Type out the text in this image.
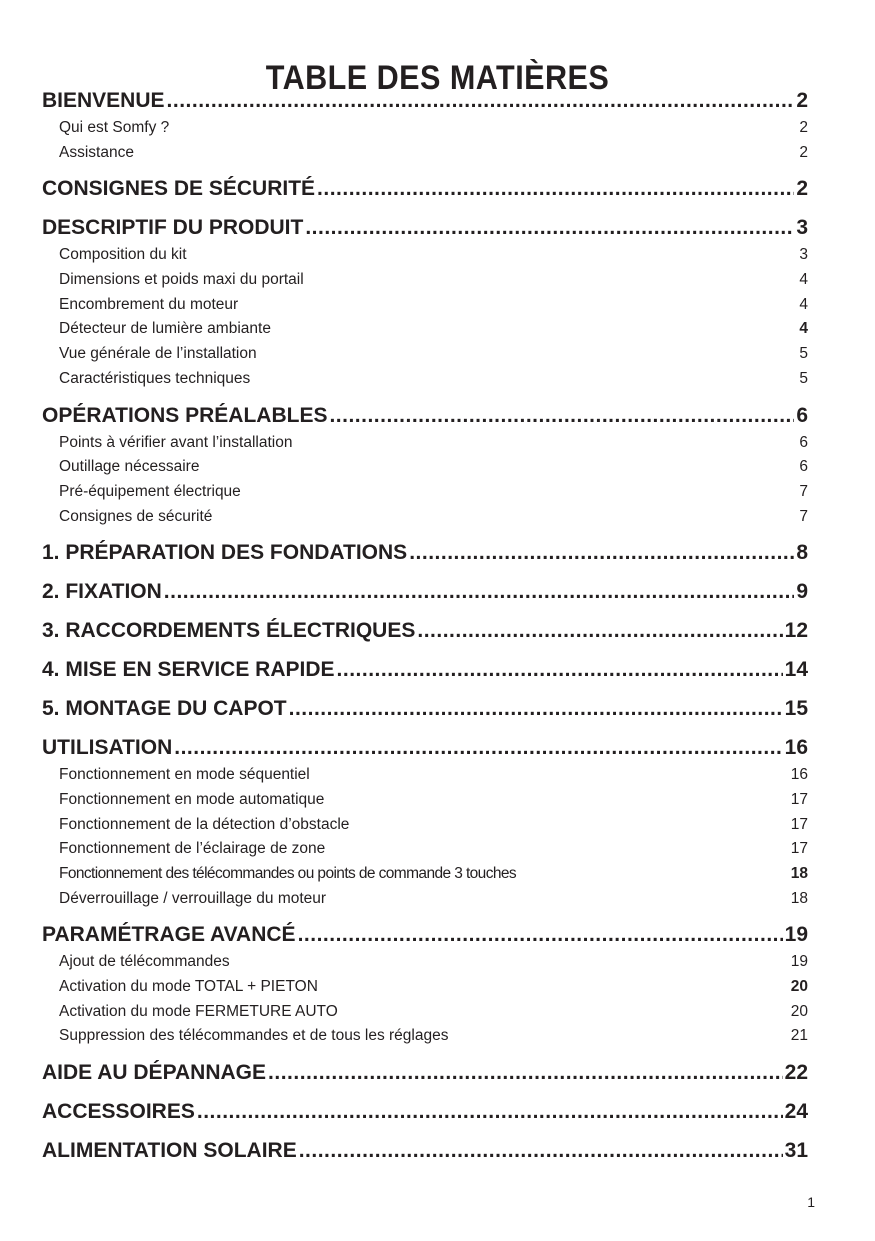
TABLE DES MATIÈRES
BIENVENUE .....	2
Qui est Somfy ?	2
Assistance	2
CONSIGNES DE SÉCURITÉ .....	2
DESCRIPTIF DU PRODUIT .....	3
Composition du kit	3
Dimensions et poids maxi du portail	4
Encombrement du moteur	4
Détecteur de lumière ambiante	4
Vue générale de l’installation	5
Caractéristiques techniques	5
OPÉRATIONS PRÉALABLES .....	6
Points à vérifier avant l’installation	6
Outillage nécessaire	6
Pré-équipement électrique	7
Consignes de sécurité	7
1. PRÉPARATION DES FONDATIONS .....	8
2. FIXATION .....	9
3. RACCORDEMENTS ÉLECTRIQUES .....	12
4. MISE EN SERVICE RAPIDE .....	14
5. MONTAGE DU CAPOT .....	15
UTILISATION .....	16
Fonctionnement en mode séquentiel	16
Fonctionnement en mode automatique	17
Fonctionnement de la détection d’obstacle	17
Fonctionnement de l’éclairage de zone	17
Fonctionnement des télécommandes ou points de commande 3 touches	18
Déverrouillage / verrouillage du moteur	18
PARAMÉTRAGE AVANCÉ .....	19
Ajout de télécommandes	19
Activation du mode TOTAL + PIETON	20
Activation du mode FERMETURE AUTO	20
Suppression des télécommandes et de tous les réglages	21
AIDE AU DÉPANNAGE .....	22
ACCESSOIRES .....	24
ALIMENTATION SOLAIRE .....	31
1
